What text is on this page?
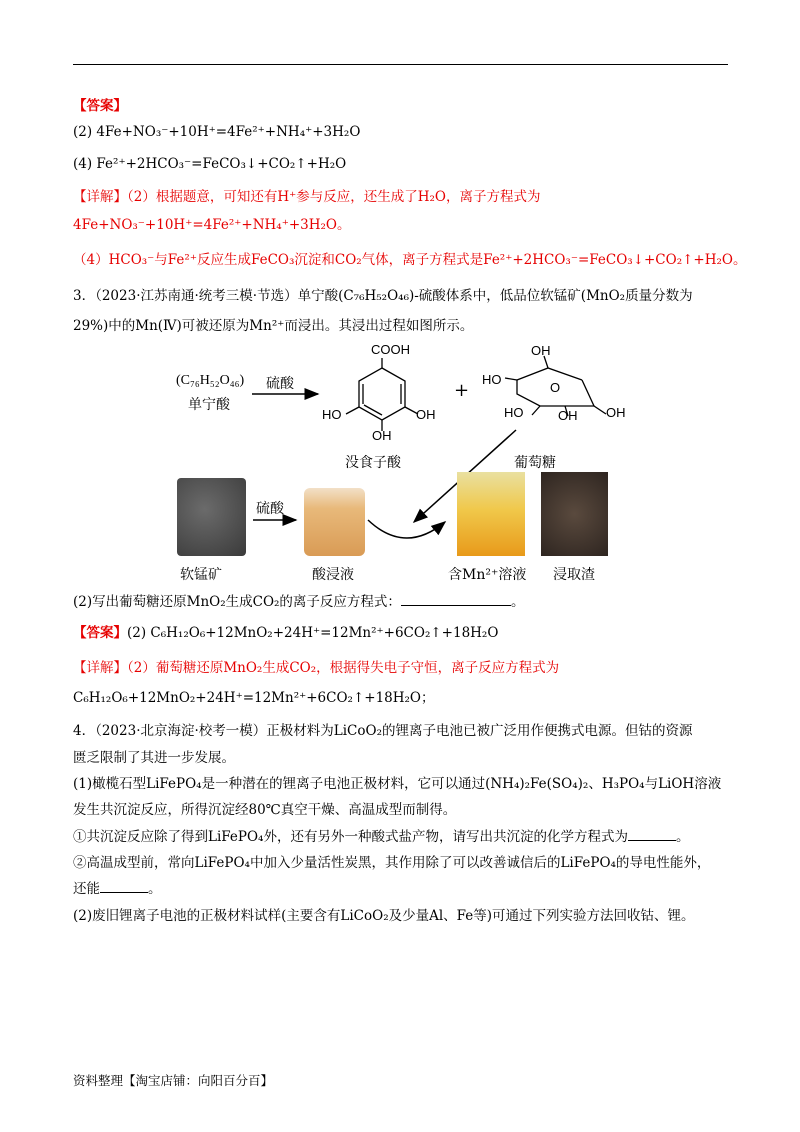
【答案】
(2) 4Fe+NO₃⁻+10H⁺=4Fe²⁺+NH₄⁺+3H₂O
(4) Fe²⁺+2HCO₃⁻=FeCO₃↓+CO₂↑+H₂O
【详解】（2）根据题意，可知还有H⁺参与反应，还生成了H₂O，离子方程式为
4Fe+NO₃⁻+10H⁺=4Fe²⁺+NH₄⁺+3H₂O。
（4）HCO₃⁻与Fe²⁺反应生成FeCO₃沉淀和CO₂气体，离子方程式是Fe²⁺+2HCO₃⁻=FeCO₃↓+CO₂↑+H₂O。
3．（2023·江苏南通·统考三模·节选）单宁酸(C₇₆H₅₂O₄₆)-硫酸体系中，低品位软锰矿(MnO₂质量分数为
29%)中的Mn(Ⅳ)可被还原为Mn²⁺而浸出。其浸出过程如图所示。
(C₇₆H₅₂O₄₆)
单宁酸
硫酸
COOH
HO	OH
OH
没食子酸
+
OH
HO
HO	OH OH
O
葡萄糖
软锰矿
硫酸
酸浸液	含Mn²⁺溶液 浸取渣
(2)写出葡萄糖还原MnO₂生成CO₂的离子反应方程式：	。
【答案】(2) C₆H₁₂O₆+12MnO₂+24H⁺=12Mn²⁺+6CO₂↑+18H₂O
【详解】（2）葡萄糖还原MnO₂生成CO₂，根据得失电子守恒，离子反应方程式为
C₆H₁₂O₆+12MnO₂+24H⁺=12Mn²⁺+6CO₂↑+18H₂O；
4．（2023·北京海淀·校考一模）正极材料为LiCoO₂的锂离子电池已被广泛用作便携式电源。但钴的资源
匮乏限制了其进一步发展。
(1)橄榄石型LiFePO₄是一种潜在的锂离子电池正极材料，它可以通过(NH₄)₂Fe(SO₄)₂、H₃PO₄与LiOH溶液
发生共沉淀反应，所得沉淀经80℃真空干燥、高温成型而制得。
①共沉淀反应除了得到LiFePO₄外，还有另外一种酸式盐产物，请写出共沉淀的化学方程式为	。
②高温成型前，常向LiFePO₄中加入少量活性炭黑，其作用除了可以改善诚信后的LiFePO₄的导电性能外，
还能	。
(2)废旧锂离子电池的正极材料试样(主要含有LiCoO₂及少量Al、Fe等)可通过下列实验方法回收钴、锂。
资料整理【淘宝店铺：向阳百分百】
